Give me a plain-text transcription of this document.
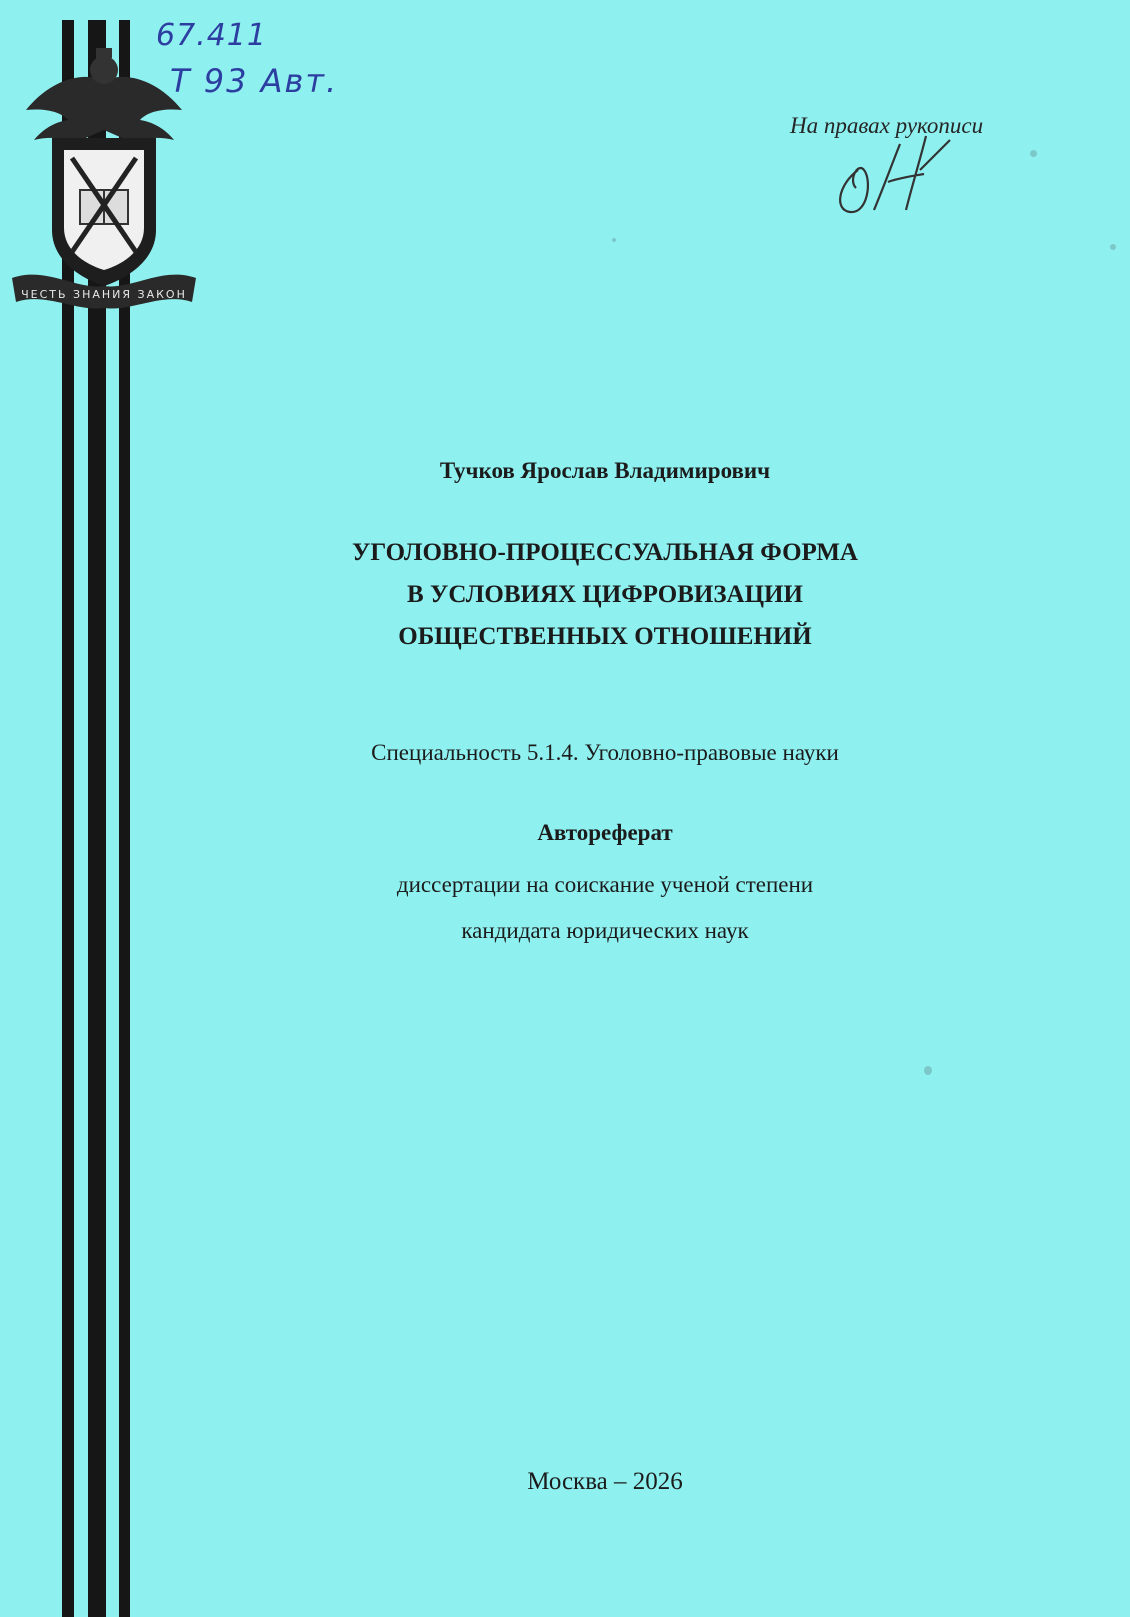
ЧЕСТЬ ЗНАНИЯ ЗАКОН
67.411
Т 93 Авт.
На правах рукописи
Тучков Ярослав Владимирович
УГОЛОВНО-ПРОЦЕССУАЛЬНАЯ ФОРМА
В УСЛОВИЯХ ЦИФРОВИЗАЦИИ
ОБЩЕСТВЕННЫХ ОТНОШЕНИЙ
Специальность 5.1.4. Уголовно-правовые науки
Автореферат
диссертации на соискание ученой степени
кандидата юридических наук
Москва – 2026
